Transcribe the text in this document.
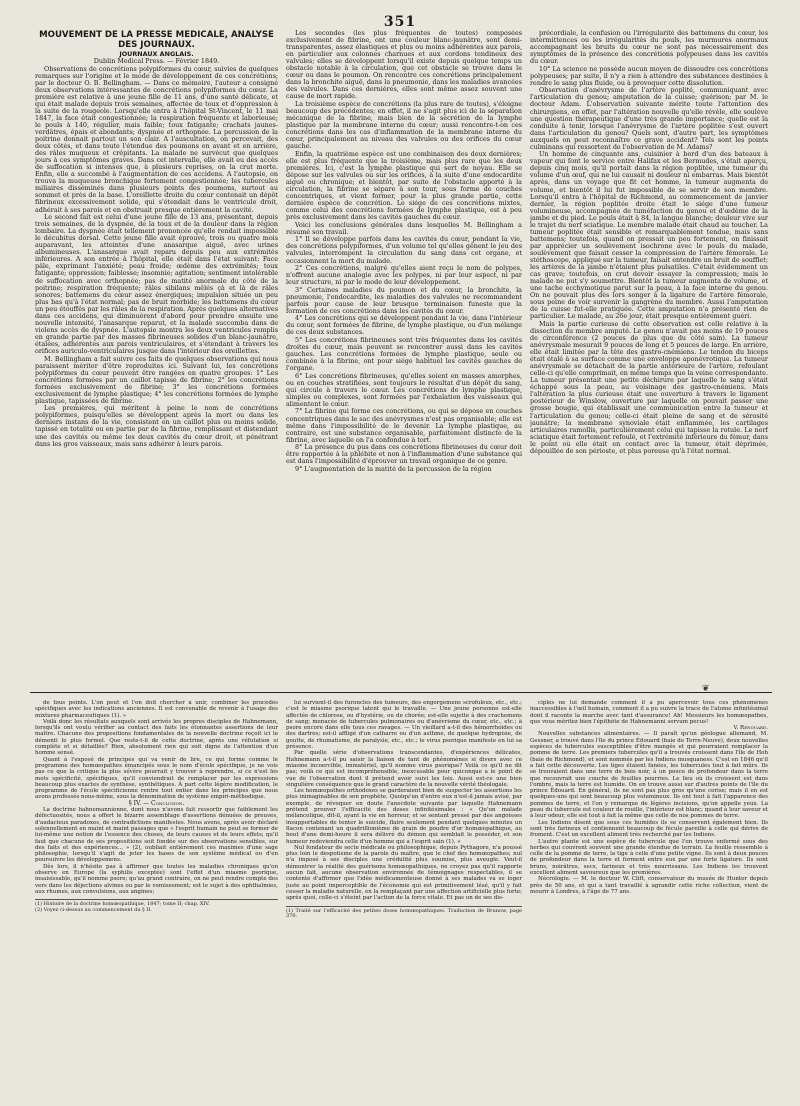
351

MOUVEMENT DE LA PRESSE MÉDICALE, ANALYSE DES JOURNAUX.

JOURNAUX ANGLAIS.

Dublin Medical Press. — Février 1849.

Observations de concrétions polypiformes du cœur, suivies de quelques remarques sur l'origine et le mode de développement de ces concrétions; par le docteur O. B. Bellingham. — Dans ce mémoire, l'auteur a consigné deux observations intéressantes de concrétions polypiformes du cœur. La première est relative à une jeune fille de 11 ans, d'une santé délicate, et qui était malade depuis trois semaines, affectée de toux et d'oppression à la suite de la rougeole. Lorsqu'elle entra à l'hôpital St-Vincent, le 11 mai 1847, la face était congestionnée; la respiration fréquente et laborieuse; le pouls à 140, régulier, mais faible; toux fatigante; crachats jaunes-verdâtres, épais et abondants; dyspnée et orthopnée. La percussion de la poitrine donnait partout un son clair. A l'auscultation, on percevait, des deux côtés, et dans toute l'étendue des poumons en avant et en arrière, des râles muqueux et crépitants. La malade ne survécut que quelques jours à ces symptômes graves. Dans cet intervalle, elle avait eu des accès de suffocation si intenses que, à plusieurs reprises, on la crut morte. Enfin, elle a succombé à l'augmentation de ces accidens. A l'autopsie, on trouva la muqueuse bronchique fortement congestionnée; les tubercules miliaires disséminés dans plusieurs points des poumons, surtout au sommet et près de la base. L'oreillette droite du cœur contenait un dépôt fibrineux excessivement solide, qui s'étendait dans le ventricule droit, adhérait à ses parois et en obstruait presque entièrement la cavité.

Le second fait est celui d'une jeune fille de 13 ans, présentant, depuis trois semaines, de la dyspnée, de la toux et de la douleur dans la région lombaire. La dyspnée était tellement prononcée qu'elle rendait impossible le décubitus dorsal. Cette jeune fille avait éprouvé, trois ou quatre mois auparavant, les atteintes d'une anasarque aiguë, avec urines albumineuses. L'anasarque avait reparu depuis peu aux extrémités inférieures. A son entrée à l'hôpital, elle était dans l'état suivant: Face pâle, exprimant l'anxiété; peau froide; œdème des extrémités; toux fatigante; oppression; faiblesse; insomnie; agitation; sentiment intolérable de suffocation avec orthopnée; pas de matité anormale du côté de la poitrine; respiration fréquente; râles sibilans mêlés çà et là de râles sonores; battemens du cœur assez énergiques; impulsion située un peu plus bas qu'à l'état normal; pas de bruit morbide; les battemens du cœur un peu étouffés par les râles de la respiration. Après quelques alternatives dans ces accidens, qui diminuèrent d'abord pour prendre ensuite une nouvelle intensité, l'anasarque reparut, et la malade succomba dans de violens accès de dyspnée. L'autopsie montra les deux ventricules remplis en grande partie par des masses fibrineuses solides d'un blanc-jaunâtre, étalées, adhérentes aux parois ventriculaires, et s'étendant à travers les orifices auriculo-ventriculaires jusque dans l'intérieur des oreillettes.

M. Bellingham a fait suivre ces faits de quelques observations qui nous paraissent mériter d'être reproduites ici. Suivant lui, les concrétions polypiformes du cœur peuvent être rangées en quatre groupes: 1° Les concrétions formées par un caillot tapissé de fibrine; 2° les concrétions formées exclusivement de fibrine; 3° les concrétions formées exclusivement de lymphe plastique; 4° les concrétions formées de lymphe plastique, tapissées de fibrine.

Les premières, qui méritent à peine le nom de concrétions polypiformes, puisqu'elles se développent après la mort ou dans les derniers instans de la vie, consistent en un caillot plus ou moins solide, tapissé en totalité ou en partie par de la fibrine, remplissant et distendant une des cavités ou même les deux cavités du cœur droit, et pénétrant dans les gros vaisseaux, mais sans adhérer à leurs parois.

Les secondes (les plus fréquentes de toutes) composées exclusivement de fibrine, ont une couleur blanc-jaunâtre, sont demi-transparentes, assez élastiques et plus ou moins adhérentes aux parois, en particulier aux colonnes charnues et aux cordons tendineux des valvules; elles se développent lorsqu'il existe depuis quelque temps un obstacle notable à la circulation, que cet obstacle se trouve dans le cœur ou dans le poumon. On rencontre ces concrétions principalement dans la bronchite aiguë, dans la pneumonie, dans les maladies avancées des valvules. Dans ces dernières, elles sont même assez souvent une cause de mort rapide.

La troisième espèce de concrétions (la plus rare de toutes), s'éloigne beaucoup des précédentes; en effet, il ne s'agit plus ici de la séparation mécanique de la fibrine, mais bien de la sécrétion de la lymphe plastique par la membrane interne du cœur; aussi rencontre-t-on ces concrétions dans les cas d'inflammation de la membrane interne du cœur, principalement au niveau des valvules ou des orifices du cœur gauche.

Enfin, la quatrième espèce est une combinaison des deux dernières; elle est plus fréquente que la troisième, mais plus rare que les deux premières. Ici, c'est la lymphe plastique qui sert de noyau. Elle se dépose sur les valvules ou sur les orifices, à la suite d'une endocardite aiguë ou chronique; et bientôt, par suite de l'obstacle apporté à la circulation, la fibrine se sépare à son tour, sous forme de couches concentriques, et vient former, pour la plus grande partie, cette dernière espèce de concrétion. Le siége de ces concrétions mixtes, comme celui des concrétions formées de lymphe plastique, est à peu près exclusivement dans les cavités gauches du cœur.

Voici les conclusions générales dans lesquelles M. Bellingham a résumé son travail.

1° Il se développe parfois dans les cavités du cœur, pendant la vie, des concrétions polypiformes, d'un volume tel qu'elles gênent le jeu des valvules, interrompent la circulation du sang dans cet organe, et occasionnent la mort du malade.

2° Ces concrétions, malgré qu'elles aient reçu le nom de polypes, n'offrent aucune analogie avec les polypes, ni par leur aspect, ni par leur structure, ni par le mode de leur développement.

3° Certaines maladies du poumon et du cœur, la bronchite, la pneumonie, l'endocardite, les maladies des valvules ne recommandent parfois pour cause de leur brusque terminaison funeste que la formation de ces concrétions dans les cavités du cœur.

4° Les concrétions qui se développent pendant la vie, dans l'intérieur du cœur, sont formées de fibrine, de lymphe plastique, ou d'un mélange de ces deux substances.

5° Les concrétions fibrineuses sont très fréquentes dans les cavités droites du cœur, mais peuvent se rencontrer aussi dans les cavités gauches. Les concrétions formées de lymphe plastique, seule ou combinée à la fibrine, ont pour siége habituel les cavités gauches de l'organe.

6° Les concrétions fibrineuses, qu'elles soient en masses amorphes, ou en couches stratifiées, sont toujours le résultat d'un dépôt du sang, qui circule à travers le cœur. Les concrétions de lymphe plastique, simples ou complexes, sont formées par l'exhalation des vaisseaux qui alimentent le cœur.

7° La fibrine qui forme ces concrétions, ou qui se dépose en couches concentriques dans le sac des anévrysmes n'est pas organisable; elle est même dans l'impossibilité de le devenir. La lymphe plastique, au contraire, est une substance organisable, parfaitement distincte de la fibrine, avec laquelle on l'a confondue à tort.

8° La présence du pus dans ces concrétions fibrineuses du cœur doit être rapportée à la phlébite et non à l'inflammation d'une substance qui est dans l'impossibilité d'éprouver un travail organique de ce genre.

9° L'augmentation de la matité de la percussion de la région

précordiale, la confusion ou l'irrégularité des battemens du cœur, les intermittences ou les irrégularités du pouls, les murmures anormaux accompagnant les bruits du cœur ne sont pas nécessairement des symptômes de la présence des concrétions polypeuses dans les cavités du cœur.

10° La science ne possède aucun moyen de dissoudre ces concrétions polypeuses; par suite, il n'y a rien à attendre des substances destinées à rendre le sang plus fluide, ou à provoquer cette dissolution.

Observation d'anévrysme de l'artère poplité, communiquant avec l'articulation du genou; amputation de la cuisse; guérison; par M. le docteur Adam. L'observation suivante mérite toute l'attention des chirurgiens, en effet, par l'altération nouvelle qu'elle révèle, elle soulève une question thérapeutique d'une très grande importance; quelle est la conduite à tenir, lorsque l'anévrysme de l'artère poplitée s'est ouvert dans l'articulation du genou? Quels sont, d'autre part, les symptômes auxquels on peut reconnaître ce grave accident? Tels sont les points culminans qui ressortent de l'observation de M. Adams?

Un homme de cinquante ans, cuisinier à bord d'un des bateaux à vapeur qui font le service entre Halifax et les Bermudes, s'était aperçu, depuis cinq mois, qu'il portait dans la région poplitée, une tumeur du volume d'un œuf, qui ne lui causait ni douleur ni embarras. Mais bientôt après, dans un voyage que fit cet homme, la tumeur augmenta de volume, et bientôt il lui fut impossible de se servir de son membre. Lorsqu'il entra à l'hôpital de Richmond, au commencement de janvier dernier, la région poplitée droite était le siége d'une tumeur volumineuse, accompagnée de tuméfaction du genou et d'œdème de la jambe et du pied. Le pouls était à 84, la langue blanche; douleur vive sur le trajet du nerf sciatique. Le membre malade était chaud au toucher. La tumeur poplitée était sensible et remarquablement tendue, mais sans battemens; toutefois, quand on pressait un peu fortement, on finissait par apprécier un soulèvement isochrone avec le pouls du malade, soulèvement que faisait cesser la compression de l'artère fémorale. Le stéthoscope, appliqué sur la tumeur, faisait entendre un bruit de soufflet; les artères de la jambe n'étaient plus pulsatiles. C'était évidemment un cas grave; toutefois, on crut devoir essayer la compression; mais le malade ne put s'y soumettre. Bientôt la tumeur augmenta de volume, et une tache ecchymotique parut sur la peau, à la face interne du genou. On ne pouvait plus dès lors songer à la ligature de l'artère fémorale, sous peine de voir survenir la gangrène du membre. Aussi l'amputation de la cuisse fut-elle pratiquée. Cette amputation n'a présenté rien de particulier. Le malade, au 26e jour, était presque entièrement guéri.

Mais la partie curieuse de cette observation est celle relative à la dissection du membre amputé. Le genou n'avait pas moins de 19 pouces de circonférence (2 pouces de plus que du côté sain). La tumeur anévrysmale mesurait 9 pouces de long et 5 pouces de large. En arrière, elle était limitée par la tête des gastro-cnémiens. Le tendon du biceps était étalé à sa surface comme une enveloppe aponévrotique. La tumeur anévrysmale se détachait de la partie antérieure de l'artère, refoulant celle-ci qu'elle comprimait, en même temps que la veine correspondante. La tumeur présentait une petite déchirure par laquelle le sang s'était échappé sous la peau, au voisinage des gastro-cnémiens. Mais l'altération la plus curieuse était une ouverture à travers le ligament postérieur de Winslow, ouverture par laquelle on pouvait passer une grosse bougie, qui établissait une communication entre la tumeur et l'articulation du genou; celle-ci était pleine de sang et de sérosité jaunâtre; la membrane synoviale était enflammée, les cartilages articulaires ramollis, particulièrement celui qui tapisse la rotule. Le nerf sciatique était fortement refoulé, et l'extrémité inférieure du fémur, dans le point où elle était en contact avec la tumeur, était déprimée, dépouillée de son périoste, et plus poreuse qu'à l'état normal.

❦

de tous points. L'on peut et l'on doit chercher à unir, combiner les procédés spécifiques avec les indications anciennes. Il est convenable de revenir à l'usage des mixtures pharmaceutiques (1). »

Voilà donc les résultats auxquels sont arrivés les propres disciples de Hahnemann, lorsqu'ils ont voulu vérifier au contact des faits les étonnantes assertions de leur maître. Chacune des propositions fondamentales de la nouvelle doctrine reçoit ici le démenti le plus formel. Que reste-t-il de cette doctrine, après une réfutation si complète et si détaillée? Rien, absolument rien qui soit digne de l'attention d'un homme sensé.

Quant à l'exposé de principes qui va venir de lire, ce qui forme comme le programme des homœopathes émancipés sous le nom d'école spécifique, je ne vois pas ce que la critique la plus sévère pourrait y trouver à reprendre, si ce n'est les mots spécificité, spécifiques, qu'il conviendrait de remplacer par les expressions beaucoup plus exactes de synthèse, synthétiques. À part cette légère modification, le programme de l'école spécificienne rentre tout entier dans les principes que nous avons professés nous-même, sous la dénomination de système empiri-méthodique.

§ IV. — Conclusion.

La doctrine hahnemannienne, dont nous n'avons fait ressortir que faiblement les défectuosités, nous a offert le bizarre assemblage d'assertions dénuées de preuves, d'audacieux paradoxes, de contradictions manifestes. Nous avons, après avoir déclaré solennellement en maint et maint passages que « l'esprit humain ne peut se former de lui-même une notion de l'essence des choses, de leurs causes et de leurs effets; qu'il faut que chacune de ses propositions soit fondée sur des observations sensibles, sur des faits et des expériences... » (2), oubliait entièrement ces maximes d'une sage philosophie, lorsqu'il s'agit de jeter les bases de son système médical ou d'en poursuivre les développemens.

Dès lors, il n'hésite pas à affirmer que toutes les maladies chroniques qu'on observe en Europe (la syphilis exceptée) sont l'effet d'un miasme psorique, insaisissable, qu'il nomme psore; qu'au grand contraire, on ne peut rendre compte des vers dans les déjections alvines ou par le vomissement; est le sujet à des ophthalmies, aux rhumes, aux convulsions, aux angines;

(1) Histoire de la doctrine homœopathique, 1847; tome II; chap. XIV.

(2) Voyez ci-dessus au commencement du § II.

lui survient-il des furoncles des tumeurs, des engorgemens scrofuleux, etc., etc.; c'est le miasme psorique latent qui le travaille. — Une jeune personne est-elle affectée de chlorose, ou d'hystérie, ou de chorée; est-elle sujette à des crachemens de sang; menacée de tubercules pulmonaires ou d'anévrisme du cœur, etc., etc.; à psore encore dans elle tous ces ravages. — Un vieillard a-t-il des hémorrhoïdes ou des dartres; est-il affligé d'un catharre ou d'un asthme, de quelque hydropisie, de goutte, de rhumatisme, de paralysie, etc., etc.; le virus psorique manifeste en lui sa présence.

Par quelle série d'observations transcendantes, d'expériences délicates, Hahnemann a-t-il pu saisir la liaison de tant de phénomènes si divers avec ce miasme incoercible, immatériel, qu'il nomme virus psorique? Voilà ce qu'il ne dit pas; voilà ce qui est incompréhensible, inexcusable pour quiconque a le point de vue de l'observation dont il prétend avoir suivi les lois. Aussi est-ce une bien singulière conséquence que le grand caractère de la nouvelle vérité théologale.

Les homœopathes orthodoxes se garderaient bien de suspecter les assertions les plus inimaginables de son prophète. Quoiqu'un d'entre eux n'est-il jamais avisé, par exemple, de révoquer en doute l'anecdote suivante par laquelle Hahnemann prétend prouver l'efficacité des doses infinitésimales : « Qu'un malade mélancolique, dit-il, ayant la vie en horreur, et se sentant pressé par des angoisses insupportables de tenter le suicide, flaire seulement pendant quelques minutes un flacon contenant un quadrillionième de grain de poudre d'or homœopathique, au bout d'une demi-heure il sera délivré du démon qui semblait le posséder, et son humeur redeviendra celle d'un homme qui a l'esprit sain (1). »

Nul fondateur de secte médicale ou philosophique, depuis Pythagore, n'a poussé plus loin le despotisme de la parole du maître, que le chef des homœopathes; nul n'a imposé à ses disciples une crédulité plus soumise, plus aveugle. Veut-il démontrer la réalité des guérisons homœopathiques, ne croyez pas qu'il rapporte aucun fait, aucune observation environnée de témoignages respectables, il se contente d'affirmer que l'idée médicamenteuse donné à ses malades va se loger juste au point imperceptible de l'économie qui est primitivement lésé, qu'il y fait cesser la maladie naturelle, en la remplaçant par une affection artificielle plus forte; après quoi, celle-ci s'éteint par l'action de la force vitale. Et pas un de ses dis-

(1) Traité sur l'efficacité des petites doses homœopathiques. Traduction de Brunow, page 370.

ciples ne lui demande comment il a pu apercevoir tous ces phénomènes inaccessibles à l'œil humain, comment il a pu suivre la trace de l'atome infinitésimal dont il raconte la marche avec tant d'assurance! Ah! Messieurs les homœopathes, que vous méritez bien l'épithète de Hahnemanni servum pecus!

V. Renouard.

Nouvelles substances alimentaires. — Il paraît qu'un géologue allemand, M. Gessner, a trouvé dans l'île du prince Édouard (baie de Terre-Neuve), deux nouvelles espèces de tubercules susceptibles d'être mangés et qui pourraient remplacer la pomme de terre. Les premiers tubercules qu'il a trouvés croissent dans l'île de Hoh (baie de Richmond), et sont nommés par les Indiens musquaness. C'est en 1846 qu'il a fait cette découverte. Les tiges étaient fanées, les tubercules tout à fait mûrs. Ils se trouvaient dans une terre de bois noir, à un pouce de profondeur dans la terre que recouvrait une couche de feuilles pourries. Le lieu où ils croissent est dans l'ombre, mais la terre est humide. On en trouve aussi sur d'autres points de l'île du prince Édouard. En général, ils ne sont pas plus gros qu'une cerise; mais il en est quelques-uns qui sont beaucoup plus volumineux. Ils ont tout à fait l'apparence des pommes de terre, et l'on y remarque de légères incisions, qu'on appelle yeux. La peau du tubercule est couleur de rouille, l'intérieur est blanc; quand à leur saveur et à leur odeur, elle est tout à fait la même que celle de nos pommes de terre.

Les Indiens disent que sous ces humides ils se conservent également bien. Ils sont très farineux et contiennent beaucoup de fécule pareille à celle qui dérive de froment. C'est un excellent aliment très recherché par les Indiens.

L'autre plante est une espèce de tubercule que l'on trouve enfermé sous des herbes qui couvrent souvent une grande étendue de terrain. La feuille ressemble à celle de la pomme de terre, la tige à celle d'une petite vigne. Ils sont à deux pouces de profondeur dans la terre et forment entre eux par une forte ligature. Ils sont bruns, noirâtres, secs, farineux et très nourrissans. Les Indiens les trouvent excellent aliment savoureux que les premières.

Nécrologie. — M. le docteur W. Clift, conservateur du musée de Hunter depuis près de 50 ans, et qui a tant travaillé à agrandir cette riche collection, vient de mourir à Londres, à l'âge de 77 ans.
